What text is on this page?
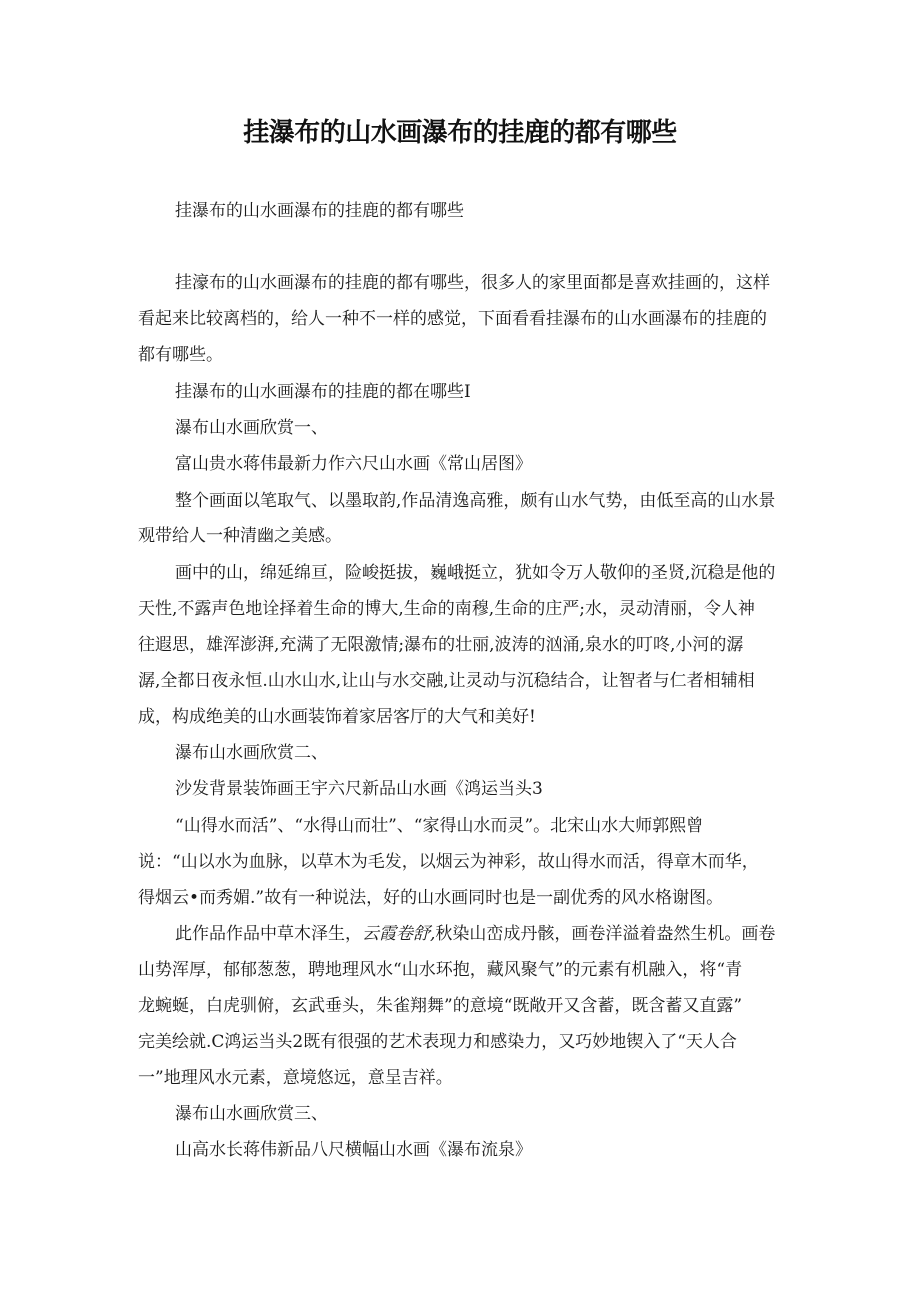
挂瀑布的山水画瀑布的挂鹿的都有哪些
挂瀑布的山水画瀑布的挂鹿的都有哪些
挂濠布的山水画瀑布的挂鹿的都有哪些，很多人的家里面都是喜欢挂画的，这样
看起来比较离档的，给人一种不一样的感觉，下面看看挂瀑布的山水画瀑布的挂鹿的
都有哪些。
挂瀑布的山水画瀑布的挂鹿的都在哪些I
瀑布山水画欣赏一、
富山贵水蒋伟最新力作六尺山水画《常山居图》
整个画面以笔取气、以墨取韵,作品清逸高雅，颇有山水气势，由低至高的山水景
观带给人一种清幽之美感。
画中的山，绵延绵亘，险峻挺拔，巍峨挺立，犹如令万人敬仰的圣贤,沉稳是他的
天性,不露声色地诠择着生命的博大,生命的南穆,生命的庄严;水，灵动清丽，令人神
往遐思，雄浑澎湃,充满了无限激情;瀑布的壮丽,波涛的汹涌,泉水的叮咚,小河的潺
潺,全都日夜永恒.山水山水,让山与水交融,让灵动与沉稳结合，让智者与仁者相辅相
成，构成绝美的山水画装饰着家居客厅的大气和美好!
瀑布山水画欣赏二、
沙发背景装饰画王宇六尺新品山水画《鸿运当头3
“山得水而活”、“水得山而壮”、“家得山水而灵”。北宋山水大师郭熙曾
说：“山以水为血脉，以草木为毛发，以烟云为神彩，故山得水而活，得章木而华，
得烟云•而秀媚.”故有一种说法，好的山水画同时也是一副优秀的风水格谢图。
此作品作品中草木泽生，云霞卷舒,秋染山峦成丹骸，画卷洋溢着盎然生机。画卷
山势浑厚，郁郁葱葱，聘地理风水“山水环抱，藏风聚气”的元素有机融入，将“青
龙蜿蜒，白虎驯俯，玄武垂头，朱雀翔舞”的意境“既敞开又含蓄，既含蓄又直露”
完美绘就.C鸿运当头2既有很强的艺术表现力和感染力，又巧妙地锲入了“天人合
一”地理风水元素，意境悠远，意呈吉祥。
瀑布山水画欣赏三、
山高水长蒋伟新品八尺横幅山水画《瀑布流泉》
